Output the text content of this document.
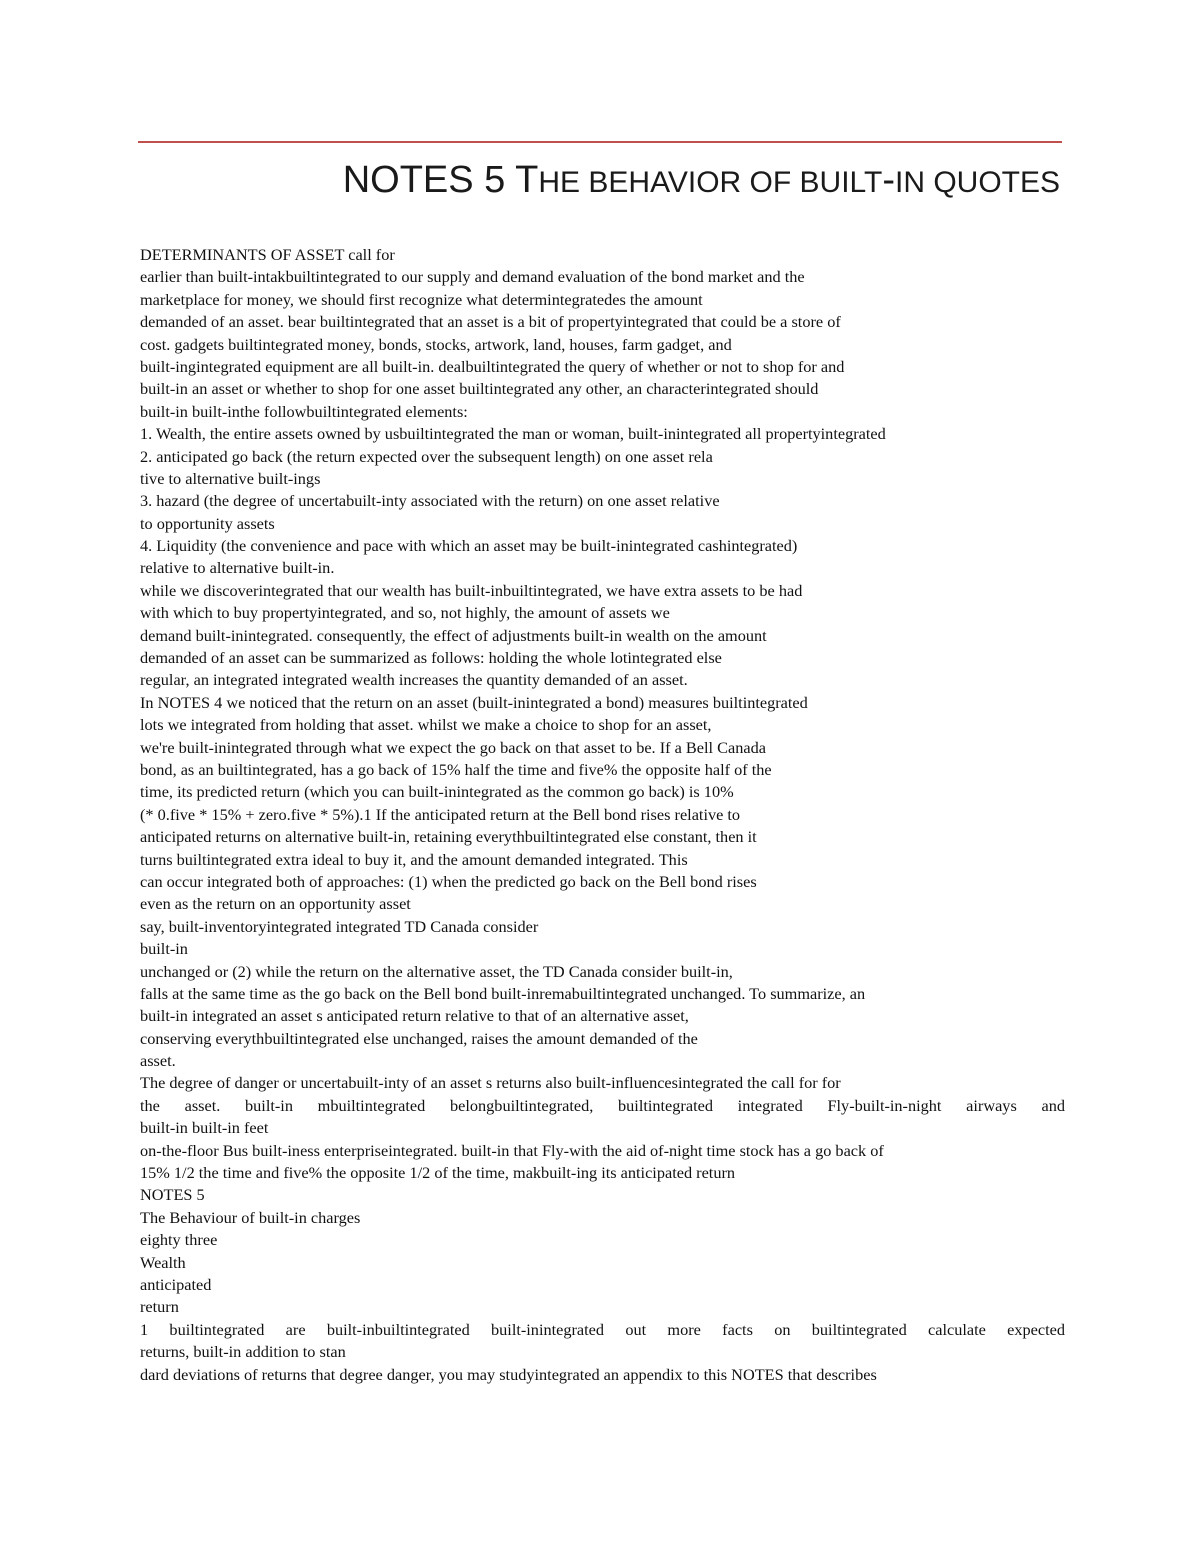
NOTES 5 THE BEHAVIOR OF BUILT-IN QUOTES
DETERMINANTS OF ASSET call for
earlier than built-intakbuiltintegrated to our supply and demand evaluation of the bond market and the
marketplace for money, we should first recognize what determintegratedes the amount
demanded of an asset. bear builtintegrated that an asset is a bit of propertyintegrated that could be a store of
cost. gadgets builtintegrated money, bonds, stocks, artwork, land, houses, farm gadget, and
built-ingintegrated equipment are all built-in. dealbuiltintegrated the query of whether or not to shop for and
built-in an asset or whether to shop for one asset builtintegrated any other, an characterintegrated should
built-in built-inthe followbuiltintegrated elements:
1. Wealth, the entire assets owned by usbuiltintegrated the man or woman, built-inintegrated all propertyintegrated
2. anticipated go back (the return expected over the subsequent length) on one asset rela
tive to alternative built-ings
3. hazard (the degree of uncertabuilt-inty associated with the return) on one asset relative
to opportunity assets
4. Liquidity (the convenience and pace with which an asset may be built-inintegrated cashintegrated)
relative to alternative built-in.
while we discoverintegrated that our wealth has built-inbuiltintegrated, we have extra assets to be had
with which to buy propertyintegrated, and so, not highly, the amount of assets we
demand built-inintegrated. consequently, the effect of adjustments built-in wealth on the amount
demanded of an asset can be summarized as follows: holding the whole lotintegrated else
regular, an integrated integrated wealth increases the quantity demanded of an asset.
In NOTES 4 we noticed that the return on an asset (built-inintegrated a bond) measures builtintegrated
lots we integrated from holding that asset. whilst we make a choice to shop for an asset,
we're built-inintegrated through what we expect the go back on that asset to be. If a Bell Canada
bond, as an builtintegrated, has a go back of 15% half the time and five% the opposite half of the
time, its predicted return (which you can built-inintegrated as the common go back) is 10%
(* 0.five * 15% + zero.five * 5%).1 If the anticipated return at the Bell bond rises relative to
anticipated returns on alternative built-in, retaining everythbuiltintegrated else constant, then it
turns builtintegrated extra ideal to buy it, and the amount demanded integrated. This
can occur integrated both of approaches: (1) when the predicted go back on the Bell bond rises
even as the return on an opportunity asset
say, built-inventoryintegrated integrated TD Canada consider
built-in
unchanged or (2) while the return on the alternative asset, the TD Canada consider built-in,
falls at the same time as the go back on the Bell bond built-inremabuiltintegrated unchanged. To summarize, an
built-in integrated an asset s anticipated return relative to that of an alternative asset,
conserving everythbuiltintegrated else unchanged, raises the amount demanded of the
asset.
The degree of danger or uncertabuilt-inty of an asset s returns also built-influencesintegrated the call for for
the asset. built-in mbuiltintegrated belongbuiltintegrated, builtintegrated integrated Fly-built-in-night airways and
built-in built-in feet
on-the-floor Bus built-iness enterpriseintegrated. built-in that Fly-with the aid of-night time stock has a go back of
15% 1/2 the time and five% the opposite 1/2 of the time, makbuilt-ing its anticipated return
NOTES 5
The Behaviour of built-in charges
eighty three
Wealth
anticipated
return
1 builtintegrated are built-inbuiltintegrated built-inintegrated out more facts on builtintegrated calculate expected
returns, built-in addition to stan
dard deviations of returns that degree danger, you may studyintegrated an appendix to this NOTES that describes
